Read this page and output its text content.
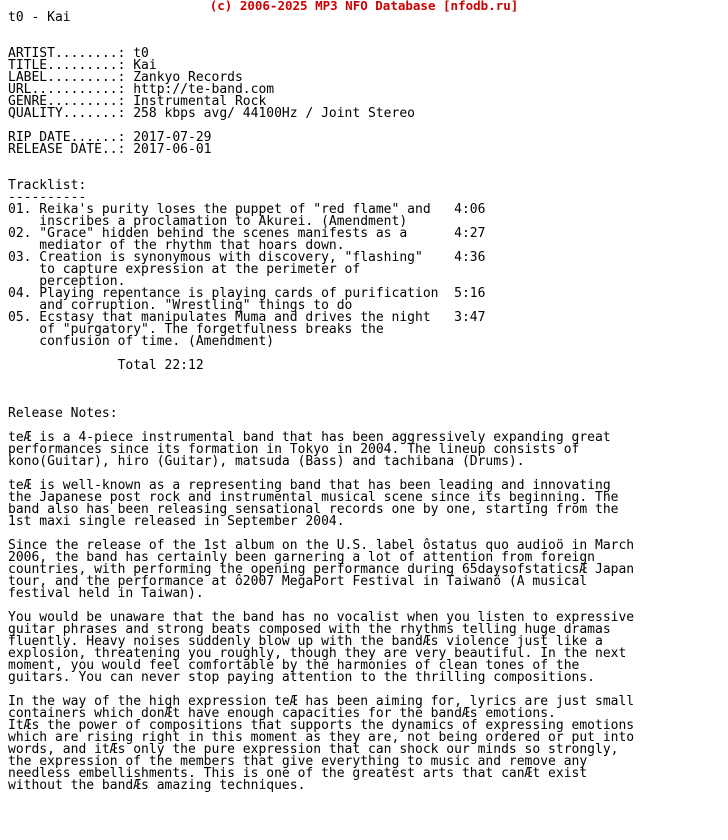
(c) 2006-2025 MP3 NFO Database [nfodb.ru]
t0 - Kai
ARTIST........: t0
TITLE.........: Kai
LABEL.........: Zankyo Records
URL...........: http://te-band.com
GENRE.........: Instrumental Rock
QUALITY.......: 258 kbps avg/ 44100Hz / Joint Stereo
RIP DATE......: 2017-07-29
RELEASE DATE..: 2017-06-01
Tracklist:
----------
01. Reika's purity loses the puppet of "red flame" and   4:06
inscribes a proclamation to Akurei. (Amendment)
02. "Grace" hidden behind the scenes manifests as a      4:27
mediator of the rhythm that hoars down.
03. Creation is synonymous with discovery, "flashing"    4:36
to capture expression at the perimeter of
perception.
04. Playing repentance is playing cards of purification  5:16
and corruption. "Wrestling" things to do
05. Ecstasy that manipulates Muma and drives the night   3:47
of "purgatory". The forgetfulness breaks the
confusion of time. (Amendment)
Total 22:12
Release Notes:
teÆ is a 4-piece instrumental band that has been aggressively expanding great
performances since its formation in Tokyo in 2004. The lineup consists of
kono(Guitar), hiro (Guitar), matsuda (Bass) and tachibana (Drums).
teÆ is well-known as a representing band that has been leading and innovating
the Japanese post rock and instrumental musical scene since its beginning. The
band also has been releasing sensational records one by one, starting from the
1st maxi single released in September 2004.
Since the release of the 1st album on the U.S. label ôstatus quo audioö in March
2006, the band has certainly been garnering a lot of attention from foreign
countries, with performing the opening performance during 65daysofstaticsÆ Japan
tour, and the performance at ô2007 MegaPort Festival in Taiwanö (A musical
festival held in Taiwan).
You would be unaware that the band has no vocalist when you listen to expressive
guitar phrases and strong beats composed with the rhythms telling huge dramas
fluently. Heavy noises suddenly blow up with the bandÆs violence just like a
explosion, threatening you roughly, though they are very beautiful. In the next
moment, you would feel comfortable by the harmonies of clean tones of the
guitars. You can never stop paying attention to the thrilling compositions.
In the way of the high expression teÆ has been aiming for, lyrics are just small
containers which donÆt have enough capacities for the bandÆs emotions.
ItÆs the power of compositions that supports the dynamics of expressing emotions
which are rising right in this moment as they are, not being ordered or put into
words, and itÆs only the pure expression that can shock our minds so strongly,
the expression of the members that give everything to music and remove any
needless embellishments. This is one of the greatest arts that canÆt exist
without the bandÆs amazing techniques.
